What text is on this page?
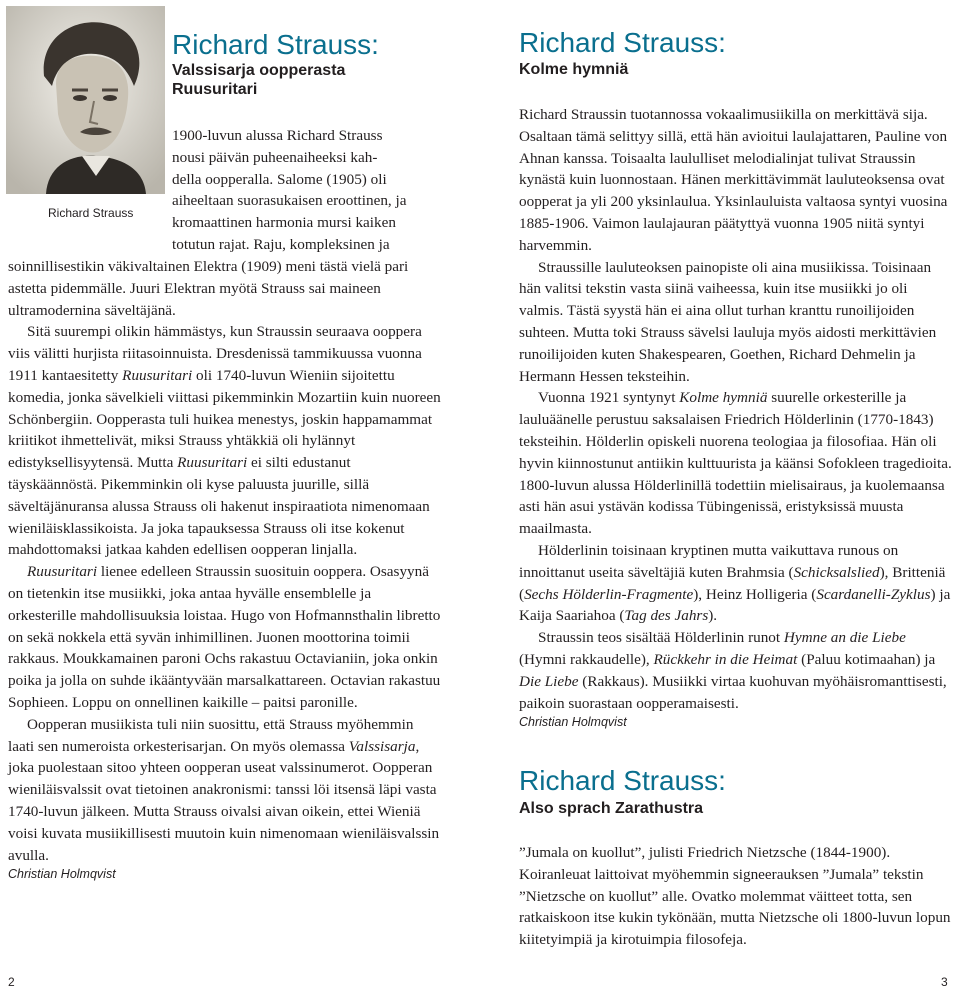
Richard Strauss
Richard Strauss:
Valssisarja oopperasta
Ruusuritari
1900-luvun alussa Richard Strauss
nousi päivän puheenaiheeksi kah-
della oopperalla. Salome (1905) oli
aiheeltaan suorasukaisen eroottinen, ja
kromaattinen harmonia mursi kaiken
totutun rajat. Raju, kompleksinen ja

soinnillisestikin väkivaltainen Elektra (1909) meni tästä vielä pari astetta pidemmälle. Juuri Elektran myötä Strauss sai maineen ultramodernina säveltäjänä.

Sitä suurempi olikin hämmästys, kun Straussin seuraava ooppera viis välitti hurjista riitasoinnuista. Dresdenissä tammikuussa vuonna 1911 kantaesitetty Ruusuritari oli 1740-luvun Wieniin sijoitettu komedia, jonka sävelkieli viittasi pikemminkin Mozartiin kuin nuoreen Schönbergiin. Oopperasta tuli huikea menestys, joskin happamammat kriitikot ihmettelivät, miksi Strauss yhtäkkiä oli hylännyt edistyksellisyytensä. Mutta Ruusuritari ei silti edustanut täyskäännöstä. Pikemminkin oli kyse paluusta juurille, sillä säveltäjänuransa alussa Strauss oli hakenut inspiraatiota nimenomaan wieniläisklassikoista. Ja joka tapauksessa Strauss oli itse kokenut mahdottomaksi jatkaa kahden edellisen oopperan linjalla.

Ruusuritari lienee edelleen Straussin suosituin ooppera. Osasyynä on tietenkin itse musiikki, joka antaa hyvälle ensemblelle ja orkesterille mahdollisuuksia loistaa. Hugo von Hofmannsthalin libretto on sekä nokkela että syvän inhimillinen. Juonen moottorina toimii rakkaus. Moukkamainen paroni Ochs rakastuu Octavianiin, joka onkin poika ja jolla on suhde ikääntyvään marsalkattareen. Octavian rakastuu Sophieen. Loppu on onnellinen kaikille – paitsi paronille.

Oopperan musiikista tuli niin suosittu, että Strauss myöhemmin laati sen numeroista orkesterisarjan. On myös olemassa Valssisarja, joka puolestaan sitoo yhteen oopperan useat valssinumerot. Oopperan wieniläisvalssit ovat tietoinen anakronismi: tanssi löi itsensä läpi vasta 1740-luvun jälkeen. Mutta Strauss oivalsi aivan oikein, ettei Wieniä voisi kuvata musiikillisesti muutoin kuin nimenomaan wieniläisvalssin avulla.

Christian Holmqvist
2
Richard Strauss:
Kolme hymniä

Richard Straussin tuotannossa vokaalimusiikilla on merkittävä sija. Osaltaan tämä selittyy sillä, että hän avioitui laulajattaren, Pauline von Ahnan kanssa. Toisaalta laululliset melodialinjat tulivat Straussin kynästä kuin luonnostaan. Hänen merkittävimmät lauluteoksensa ovat oopperat ja yli 200 yksinlaulua. Yksinlauluista valtaosa syntyi vuosina 1885-1906. Vaimon laulajauran päätyttyä vuonna 1905 niitä syntyi harvemmin.

Straussille lauluteoksen painopiste oli aina musiikissa. Toisinaan hän valitsi tekstin vasta siinä vaiheessa, kuin itse musiikki jo oli valmis. Tästä syystä hän ei aina ollut turhan kranttu runoilijoiden suhteen. Mutta toki Strauss sävelsi lauluja myös aidosti merkittävien runoilijoiden kuten Shakespearen, Goethen, Richard Dehmelin ja Hermann Hessen teksteihin.

Vuonna 1921 syntynyt Kolme hymniä suurelle orkesterille ja lauluäänelle perustuu saksalaisen Friedrich Hölderlinin (1770-1843) teksteihin. Hölderlin opiskeli nuorena teologiaa ja filosofiaa. Hän oli hyvin kiinnostunut antiikin kulttuurista ja käänsi Sofokleen tragedioita. 1800-luvun alussa Hölderlinillä todettiin mielisairaus, ja kuolemaansa asti hän asui ystävän kodissa Tübingenissä, eristyksissä muusta maailmasta.

Hölderlinin toisinaan kryptinen mutta vaikuttava runous on innoittanut useita säveltäjiä kuten Brahmsia (Schicksalslied), Britteniä (Sechs Hölderlin-Fragmente), Heinz Holligeria (Scardanelli-Zyklus) ja Kaija Saariahoa (Tag des Jahrs).

Straussin teos sisältää Hölderlinin runot Hymne an die Liebe (Hymni rakkaudelle), Rückkehr in die Heimat (Paluu kotimaahan) ja Die Liebe (Rakkaus). Musiikki virtaa kuohuvan myöhäisromanttisesti, paikoin suorastaan oopperamaisesti.

Christian Holmqvist
Richard Strauss:
Also sprach Zarathustra

”Jumala on kuollut”, julisti Friedrich Nietzsche (1844-1900). Koiranleuat laittoivat myöhemmin signeerauksen ”Jumala” tekstin ”Nietzsche on kuollut” alle. Ovatko molemmat väitteet totta, sen ratkaiskoon itse kukin tykönään, mutta Nietzsche oli 1800-luvun lopun kiitetyimpiä ja kirotuimpia filosofeja.

3
